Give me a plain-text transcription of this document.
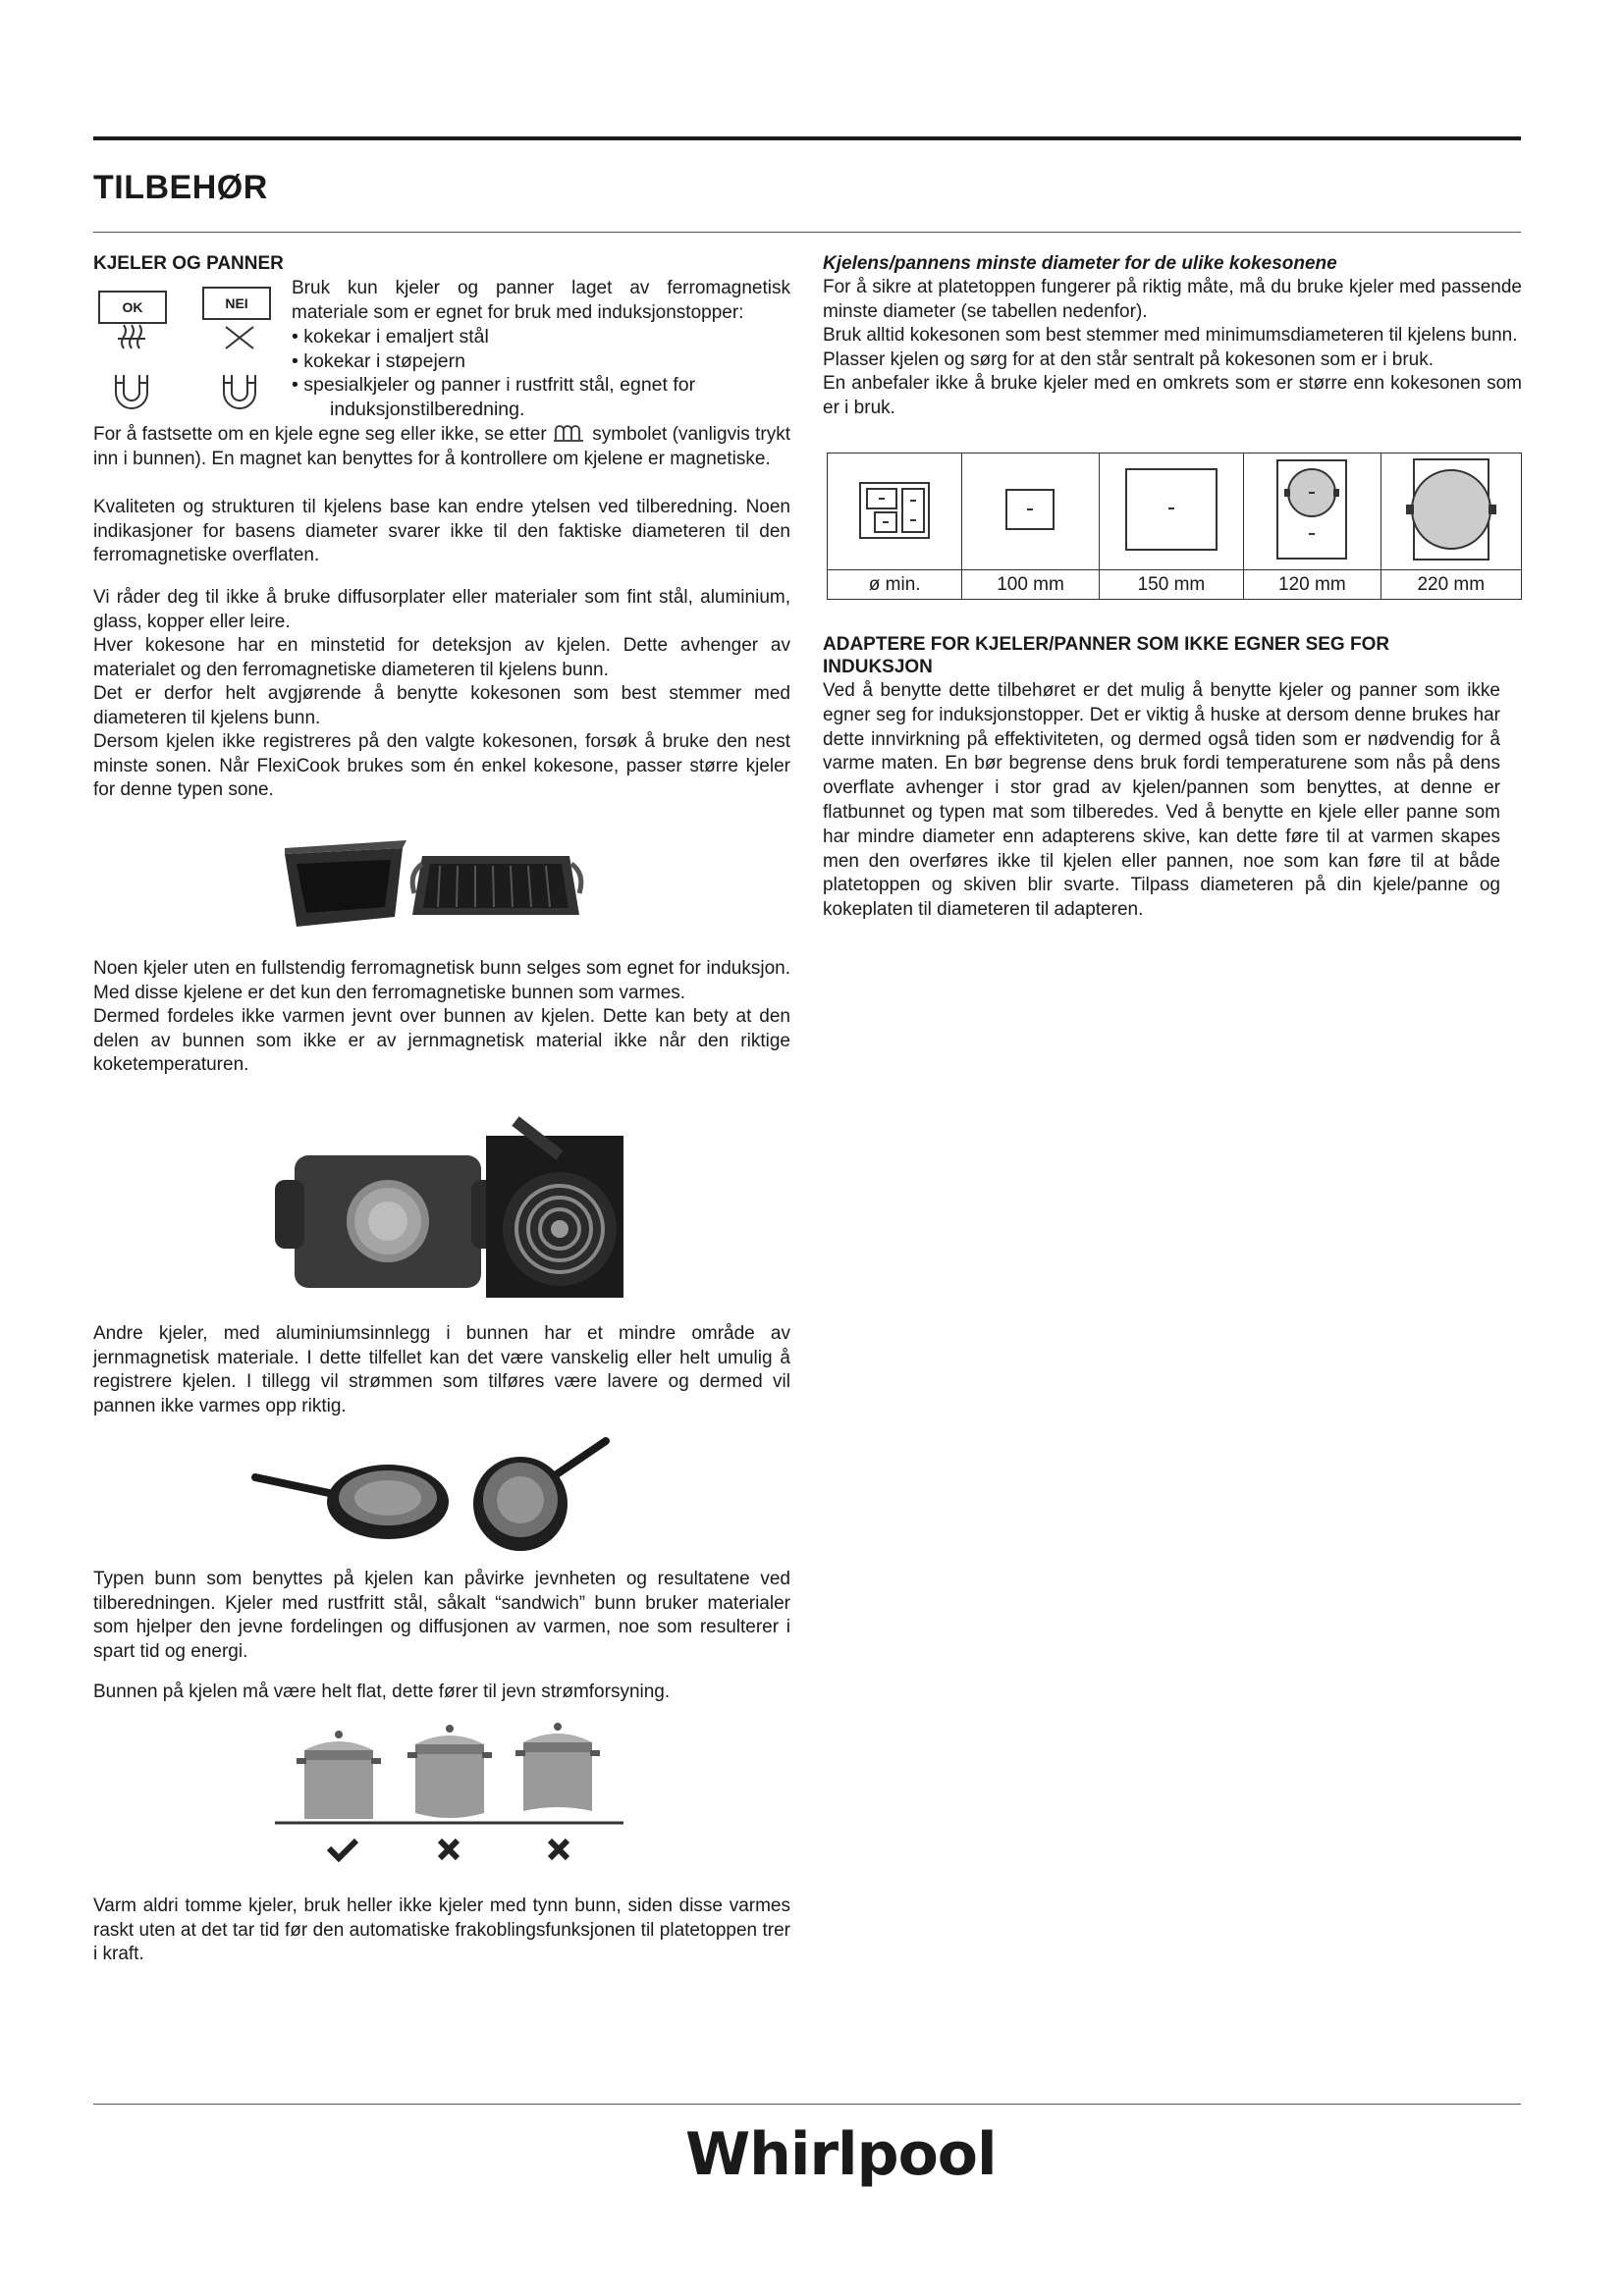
TILBEHØR
KJELER OG PANNER
OK	NEI

Bruk kun kjeler og panner laget av ferromagnetisk

materiale som er egnet for bruk med induksjonstopper:

• kokekar i emaljert stål
• kokekar i støpejern
• spesialkjeler og panner i rustfritt stål, egnet for
induksjonstilberedning.

For å fastsette om en kjele egne seg eller ikke, se etter symbolet (vanligvis trykt inn i bunnen). En magnet kan benyttes for å kontrollere om kjelene er magnetiske.

Kvaliteten og strukturen til kjelens base kan endre ytelsen ved tilberedning. Noen indikasjoner for basens diameter svarer ikke til den faktiske diameteren til den ferromagnetiske overflaten.

Vi råder deg til ikke å bruke diffusorplater eller materialer som fint stål, aluminium, glass, kopper eller leire.

Hver kokesone har en minstetid for deteksjon av kjelen. Dette avhenger av materialet og den ferromagnetiske diameteren til kjelens bunn.

Det er derfor helt avgjørende å benytte kokesonen som best stemmer med diameteren til kjelens bunn.

Dersom kjelen ikke registreres på den valgte kokesonen, forsøk å bruke den nest minste sonen. Når FlexiCook brukes som én enkel kokesone, passer større kjeler for denne typen sone.

Noen kjeler uten en fullstendig ferromagnetisk bunn selges som egnet for induksjon. Med disse kjelene er det kun den ferromagnetiske bunnen som varmes.

Dermed fordeles ikke varmen jevnt over bunnen av kjelen. Dette kan bety at den delen av bunnen som ikke er av jernmagnetisk material ikke når den riktige koketemperaturen.

Andre kjeler, med aluminiumsinnlegg i bunnen har et mindre område av jernmagnetisk materiale. I dette tilfellet kan det være vanskelig eller helt umulig å registrere kjelen. I tillegg vil strømmen som tilføres være lavere og dermed vil pannen ikke varmes opp riktig.

Typen bunn som benyttes på kjelen kan påvirke jevnheten og resultatene ved tilberedningen. Kjeler med rustfritt stål, såkalt “sandwich” bunn bruker materialer som hjelper den jevne fordelingen og diffusjonen av varmen, noe som resulterer i spart tid og energi.

Bunnen på kjelen må være helt flat, dette fører til jevn strømforsyning.

Varm aldri tomme kjeler, bruk heller ikke kjeler med tynn bunn, siden disse varmes raskt uten at det tar tid før den automatiske frakoblingsfunksjonen til platetoppen trer i kraft.

Kjelens/pannens minste diameter for de ulike kokesonene

For å sikre at platetoppen fungerer på riktig måte, må du bruke kjeler med passende minste diameter (se tabellen nedenfor).

Bruk alltid kokesonen som best stemmer med minimumsdiameteren til kjelens bunn.

Plasser kjelen og sørg for at den står sentralt på kokesonen som er i bruk.

En anbefaler ikke å bruke kjeler med en omkrets som er større enn kokesonen som er i bruk.

ø min.	100 mm	150 mm	120 mm	220 mm
ADAPTERE FOR KJELER/PANNER SOM IKKE EGNER SEG FOR INDUKSJON

Ved å benytte dette tilbehøret er det mulig å benytte kjeler og panner som ikke egner seg for induksjonstopper. Det er viktig å huske at dersom denne brukes har dette innvirkning på effektiviteten, og dermed også tiden som er nødvendig for å varme maten. En bør begrense dens bruk fordi temperaturene som nås på dens overflate avhenger i stor grad av kjelen/pannen som benyttes, at denne er flatbunnet og typen mat som tilberedes. Ved å benytte en kjele eller panne som har mindre diameter enn adapterens skive, kan dette føre til at varmen skapes men den overføres ikke til kjelen eller pannen, noe som kan føre til at både platetoppen og skiven blir svarte. Tilpass diameteren på din kjele/panne og kokeplaten til diameteren til adapteren.

Whirlpool
